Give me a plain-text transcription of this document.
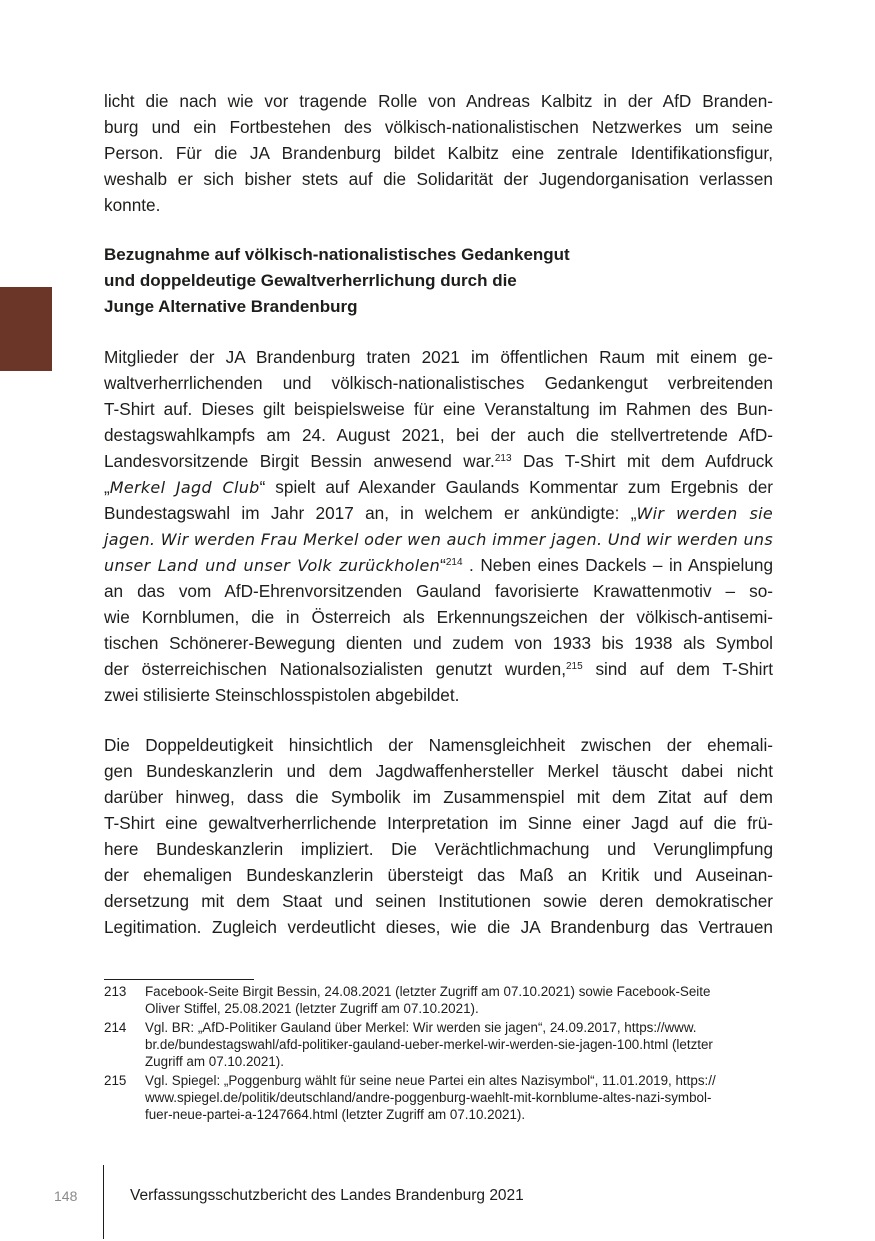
licht die nach wie vor tragende Rolle von Andreas Kalbitz in der AfD Branden-
burg und ein Fortbestehen des völkisch-nationalistischen Netzwerkes um seine
Person. Für die JA Brandenburg bildet Kalbitz eine zentrale Identifikationsfigur,
weshalb er sich bisher stets auf die Solidarität der Jugendorganisation verlassen
konnte.
Bezugnahme auf völkisch-nationalistisches Gedankengut
und doppeldeutige Gewaltverherrlichung durch die
Junge Alternative Brandenburg
Mitglieder der JA Brandenburg traten 2021 im öffentlichen Raum mit einem ge-
waltverherrlichenden und völkisch-nationalistisches Gedankengut verbreitenden
T-Shirt auf. Dieses gilt beispielsweise für eine Veranstaltung im Rahmen des Bun-
destagswahlkampfs am 24. August 2021, bei der auch die stellvertretende AfD-
Landesvorsitzende Birgit Bessin anwesend war.$^{213}$ Das T-Shirt mit dem Aufdruck
„Merkel Jagd Club“ spielt auf Alexander Gaulands Kommentar zum Ergebnis der
Bundestagswahl im Jahr 2017 an, in welchem er ankündigte: „Wir werden sie
jagen. Wir werden Frau Merkel oder wen auch immer jagen. Und wir werden uns
unser Land und unser Volk zurückholen“$^{214}$ . Neben eines Dackels – in Anspielung
an das vom AfD-Ehrenvorsitzenden Gauland favorisierte Krawattenmotiv – so-
wie Kornblumen, die in Österreich als Erkennungszeichen der völkisch-antisemi-
tischen Schönerer-Bewegung dienten und zudem von 1933 bis 1938 als Symbol
der österreichischen Nationalsozialisten genutzt wurden,$^{215}$ sind auf dem T-Shirt
zwei stilisierte Steinschlosspistolen abgebildet.
Die Doppeldeutigkeit hinsichtlich der Namensgleichheit zwischen der ehemali-
gen Bundeskanzlerin und dem Jagdwaffenhersteller Merkel täuscht dabei nicht
darüber hinweg, dass die Symbolik im Zusammenspiel mit dem Zitat auf dem
T-Shirt eine gewaltverherrlichende Interpretation im Sinne einer Jagd auf die frü-
here Bundeskanzlerin impliziert. Die Verächtlichmachung und Verunglimpfung
der ehemaligen Bundeskanzlerin übersteigt das Maß an Kritik und Auseinan-
dersetzung mit dem Staat und seinen Institutionen sowie deren demokratischer
Legitimation. Zugleich verdeutlicht dieses, wie die JA Brandenburg das Vertrauen
213	Facebook-Seite Birgit Bessin, 24.08.2021 (letzter Zugriff am 07.10.2021) sowie Facebook-Seite
Oliver Stiffel, 25.08.2021 (letzter Zugriff am 07.10.2021).
214	Vgl. BR: „AfD-Politiker Gauland über Merkel: Wir werden sie jagen“, 24.09.2017, https://www.
br.de/bundestagswahl/afd-politiker-gauland-ueber-merkel-wir-werden-sie-jagen-100.html (letzter
Zugriff am 07.10.2021).
215	Vgl. Spiegel: „Poggenburg wählt für seine neue Partei ein altes Nazisymbol“, 11.01.2019, https://
www.spiegel.de/politik/deutschland/andre-poggenburg-waehlt-mit-kornblume-altes-nazi-symbol-
fuer-neue-partei-a-1247664.html (letzter Zugriff am 07.10.2021).
148	Verfassungsschutzbericht des Landes Brandenburg 2021
